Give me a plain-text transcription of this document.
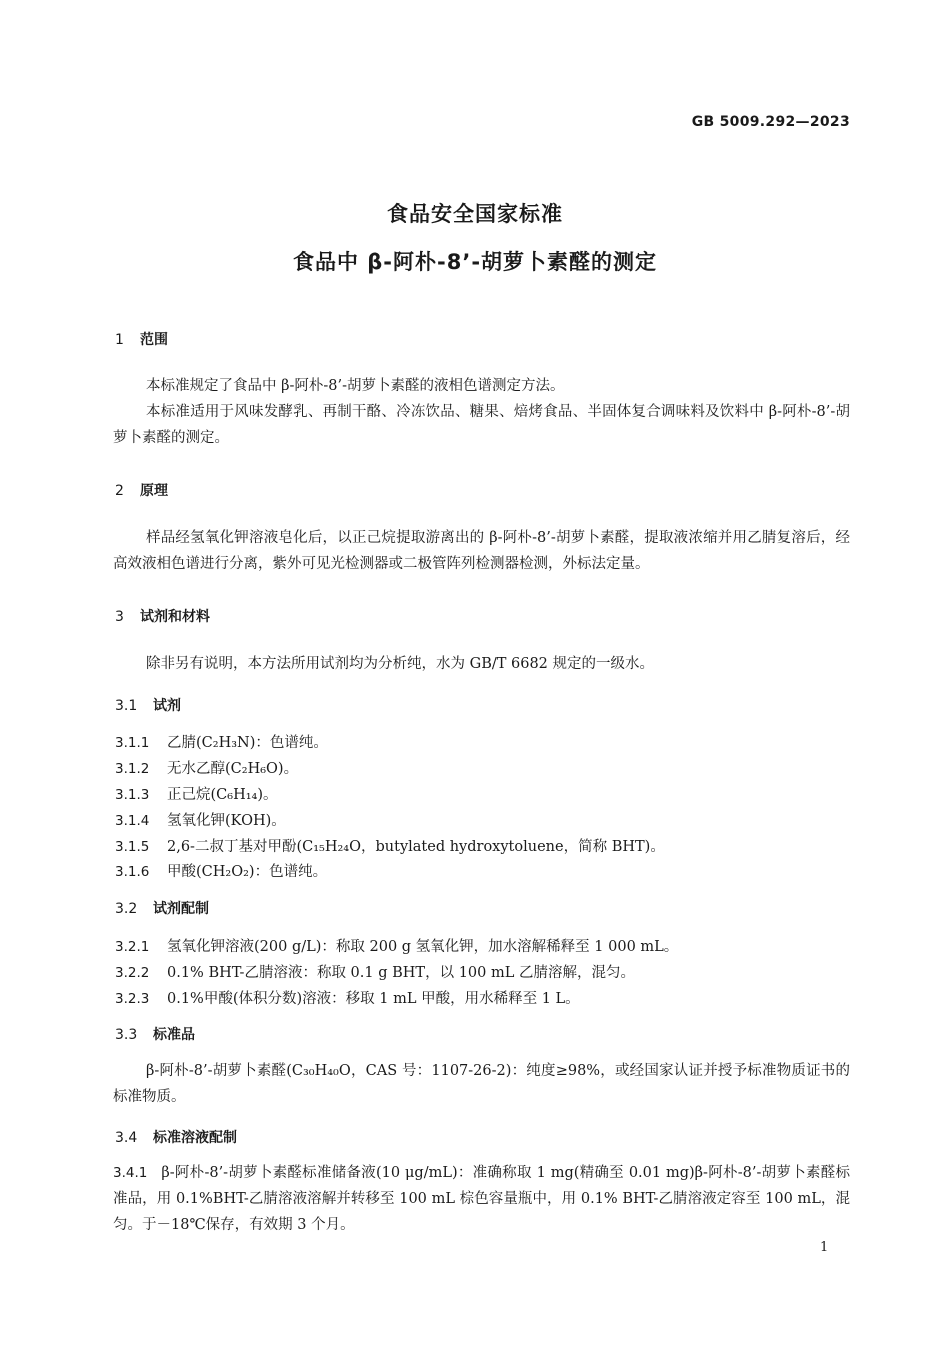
GB 5009.292—2023
食品安全国家标准
食品中 β-阿朴-8’-胡萝卜素醛的测定
1 范围
本标准规定了食品中 β-阿朴-8’-胡萝卜素醛的液相色谱测定方法。
本标准适用于风味发酵乳、再制干酪、冷冻饮品、糖果、焙烤食品、半固体复合调味料及饮料中 β-阿朴-8’-胡萝卜素醛的测定。
2 原理
样品经氢氧化钾溶液皂化后，以正己烷提取游离出的 β-阿朴-8’-胡萝卜素醛，提取液浓缩并用乙腈复溶后，经高效液相色谱进行分离，紫外可见光检测器或二极管阵列检测器检测，外标法定量。
3 试剂和材料
除非另有说明，本方法所用试剂均为分析纯，水为 GB/T 6682 规定的一级水。
3.1 试剂
3.1.1 乙腈(C₂H₃N)：色谱纯。
3.1.2 无水乙醇(C₂H₆O)。
3.1.3 正己烷(C₆H₁₄)。
3.1.4 氢氧化钾(KOH)。
3.1.5 2,6-二叔丁基对甲酚(C₁₅H₂₄O，butylated hydroxytoluene，简称 BHT)。
3.1.6 甲酸(CH₂O₂)：色谱纯。
3.2 试剂配制
3.2.1 氢氧化钾溶液(200 g/L)：称取 200 g 氢氧化钾，加水溶解稀释至 1 000 mL。
3.2.2 0.1% BHT-乙腈溶液：称取 0.1 g BHT，以 100 mL 乙腈溶解，混匀。
3.2.3 0.1%甲酸(体积分数)溶液：移取 1 mL 甲酸，用水稀释至 1 L。
3.3 标准品
β-阿朴-8’-胡萝卜素醛(C₃₀H₄₀O，CAS 号：1107-26-2)：纯度≥98%，或经国家认证并授予标准物质证书的标准物质。
3.4 标准溶液配制
3.4.1 β-阿朴-8’-胡萝卜素醛标准储备液(10 μg/mL)：准确称取 1 mg(精确至 0.01 mg)β-阿朴-8’-胡萝卜素醛标准品，用 0.1%BHT-乙腈溶液溶解并转移至 100 mL 棕色容量瓶中，用 0.1% BHT-乙腈溶液定容至 100 mL，混匀。于－18℃保存，有效期 3 个月。
1
